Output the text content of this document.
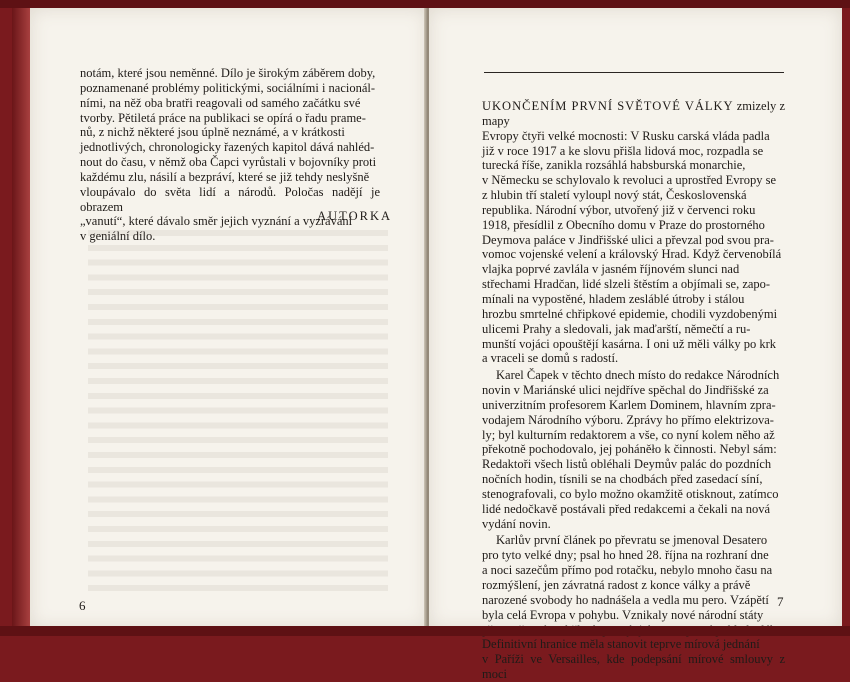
notám, které jsou neměnné. Dílo je širokým záběrem doby,

poznamenané problémy politickými, sociálními i nacionál-

ními, na něž oba bratři reagovali od samého začátku své

tvorby. Pětiletá práce na publikaci se opírá o řadu prame-

nů, z nichž některé jsou úplně neznámé, a v krátkosti

jednotlivých, chronologicky řazených kapitol dává nahléd-

nout do času, v němž oba Čapci vyrůstali v bojovníky proti

každému zlu, násilí a bezpráví, které se již tehdy neslyšně

vloupávalo do světa lidí a národů. Poločas nadějí je obrazem

„vanutí“, které dávalo směr jejich vyznání a vyzrávání

v geniální dílo.

AUTORKA
6

UKONČENÍM PRVNÍ SVĚTOVÉ VÁLKY zmizely z mapy

Evropy čtyři velké mocnosti: V Rusku carská vláda padla

již v roce 1917 a ke slovu přišla lidová moc, rozpadla se

turecká říše, zanikla rozsáhlá habsburská monarchie,

v Německu se schylovalo k revoluci a uprostřed Evropy se

z hlubin tří staletí vyloupl nový stát, Československá

republika. Národní výbor, utvořený již v červenci roku

1918, přesídlil z Obecního domu v Praze do prostorného

Deymova paláce v Jindřišské ulici a převzal pod svou pra-

vomoc vojenské velení a královský Hrad. Když červenobílá

vlajka poprvé zavlála v jasném říjnovém slunci nad

střechami Hradčan, lidé slzeli štěstím a objímali se, zapo-

mínali na vypostěné, hladem zesláblé útroby i stálou

hrozbu smrtelné chřipkové epidemie, chodili vyzdobenými

ulicemi Prahy a sledovali, jak maďarští, němečtí a ru-

munští vojáci opouštějí kasárna. I oni už měli války po krk

a vraceli se domů s radostí.

Karel Čapek v těchto dnech místo do redakce Národních

novin v Mariánské ulici nejdříve spěchal do Jindřišské za

univerzitním profesorem Karlem Dominem, hlavním zpra-

vodajem Národního výboru. Zprávy ho přímo elektrizova-

ly; byl kulturním redaktorem a vše, co nyní kolem něho až

překotně pochodovalo, jej poháněło k činnosti. Nebyl sám:

Redaktoři všech listů obléhali Deymův palác do pozdních

nočních hodin, tísnili se na chodbách před zasedací síní,

stenografovali, co bylo možno okamžitě otisknout, zatímco

lidé nedočkavě postávali před redakcemi a čekali na nová

vydání novin.

Karlův první článek po převratu se jmenoval Desatero

pro tyto velké dny; psal ho hned 28. října na rozhraní dne

a noci sazečům přímo pod rotačku, nebylo mnoho času na

rozmýšlení, jen závratná radost z konce války a právě

narozené svobody ho nadnášela a vedla mu pero. Vzápětí

byla celá Evropa v pohybu. Vznikaly nové národní státy

Definitivní hranice měla stanovit teprve mírová jednání

v Paříži ve Versailles, kde podepsání mírové smlouvy z moci

7
